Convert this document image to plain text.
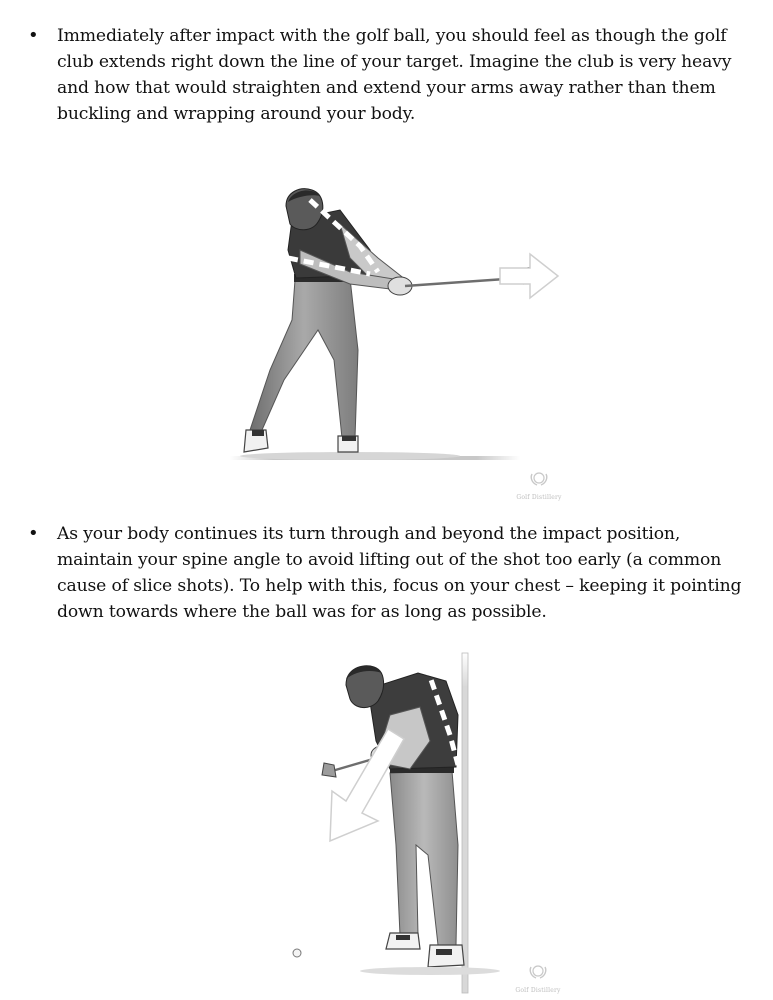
• Immediately after impact with the golf ball, you should feel as though the golf club extends right down the line of your target. Imagine the club is very heavy and how that would straighten and extend your arms away rather than them buckling and wrapping around your body.

Golf Distillery
• As your body continues its turn through and beyond the impact position, maintain your spine angle to avoid lifting out of the shot too early (a common cause of slice shots). To help with this, focus on your chest – keeping it pointing down towards where the ball was for as long as possible.

Golf Distillery
